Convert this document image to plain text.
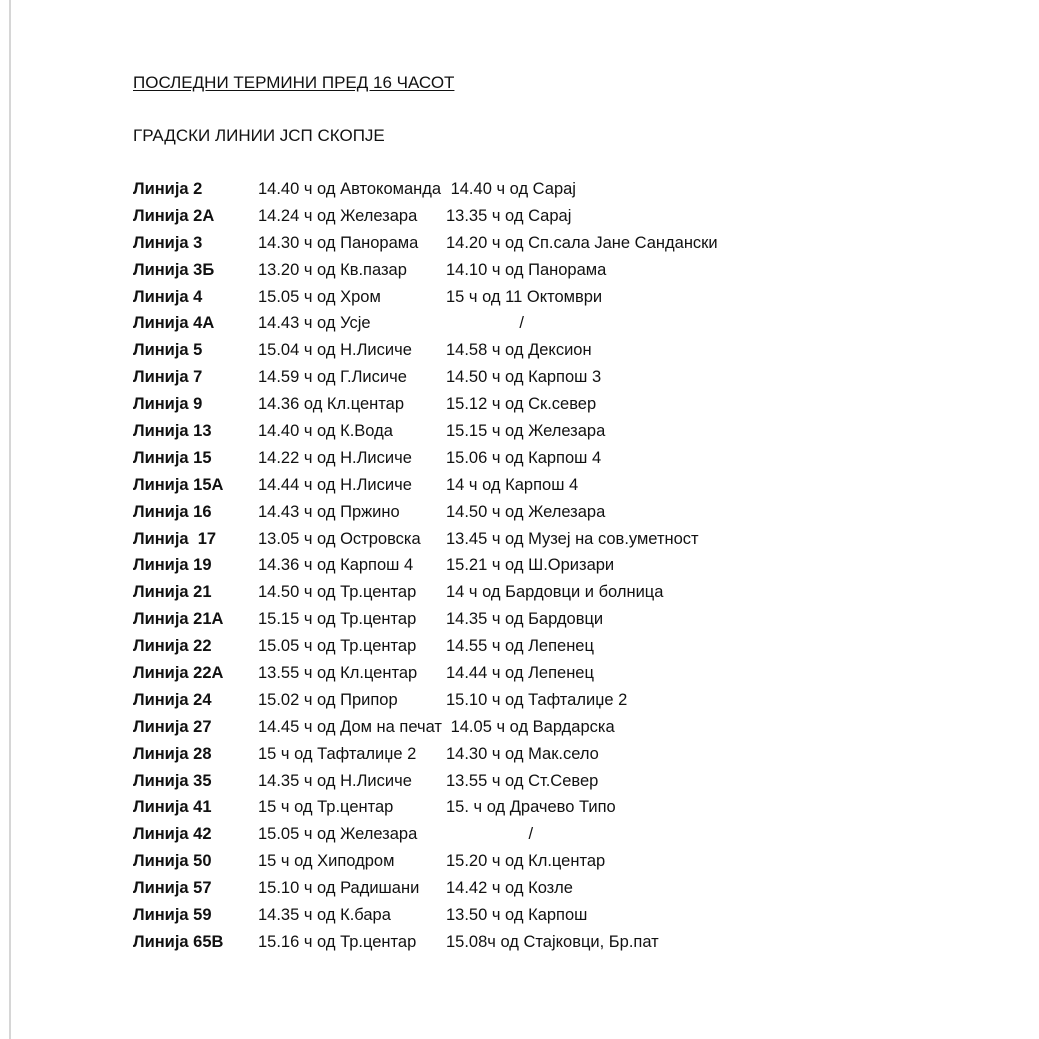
ПОСЛЕДНИ ТЕРМИНИ ПРЕД 16 ЧАСОТ
ГРАДСКИ ЛИНИИ ЈСП СКОПЈЕ
Линија 2	14.40 ч од Автокоманда 14.40 ч од Сарај
Линија 2А	14.24 ч од Железара	13.35 ч од Сарај
Линија 3	14.30 ч од Панорама	14.20 ч од Сп.сала Јане Сандански
Линија 3Б	13.20 ч од Кв.пазар	14.10 ч од Панорама
Линија 4	15.05 ч од Хром	15 ч од 11 Октомври
Линија 4А	14.43 ч од Усје	/
Линија 5	15.04 ч од Н.Лисиче	14.58 ч од Дексион
Линија 7	14.59 ч од Г.Лисиче	14.50 ч од Карпош 3
Линија 9	14.36 од Кл.центар	15.12 ч од Ск.север
Линија 13	14.40 ч од К.Вода	15.15 ч од Железара
Линија 15	14.22 ч од Н.Лисиче	15.06 ч од Карпош 4
Линија 15А	14.44 ч од Н.Лисиче	14 ч од Карпош 4
Линија 16	14.43 ч од Пржино	14.50 ч од Железара
Линија  17	13.05 ч од Островска	13.45 ч од Музеј на сов.уметност
Линија 19	14.36 ч од Карпош 4	15.21 ч од Ш.Оризари
Линија 21	14.50 ч од Тр.центар	14 ч од Бардовци и болница
Линија 21А	15.15 ч од Тр.центар	14.35 ч од Бардовци
Линија 22	15.05 ч од Тр.центар	14.55 ч од Лепенец
Линија 22А	13.55 ч од Кл.центар	14.44 ч од Лепенец
Линија 24	15.02 ч од Припор	15.10 ч од Тафталиџе 2
Линија 27	14.45 ч од Дом на печат 14.05 ч од Вардарска
Линија 28	15 ч од Тафталиџе 2	14.30 ч од Мак.село
Линија 35	14.35 ч од Н.Лисиче	13.55 ч од Ст.Север
Линија 41	15 ч од Тр.центар	15. ч од Драчево Типо
Линија 42	15.05 ч од Железара	/
Линија 50	15 ч од Хиподром	15.20 ч од Кл.центар
Линија 57	15.10 ч од Радишани	14.42 ч од Козле
Линија 59	14.35 ч од К.бара	13.50 ч од Карпош
Линија 65В	15.16 ч од Тр.центар	15.08ч од Стајковци, Бр.пат
